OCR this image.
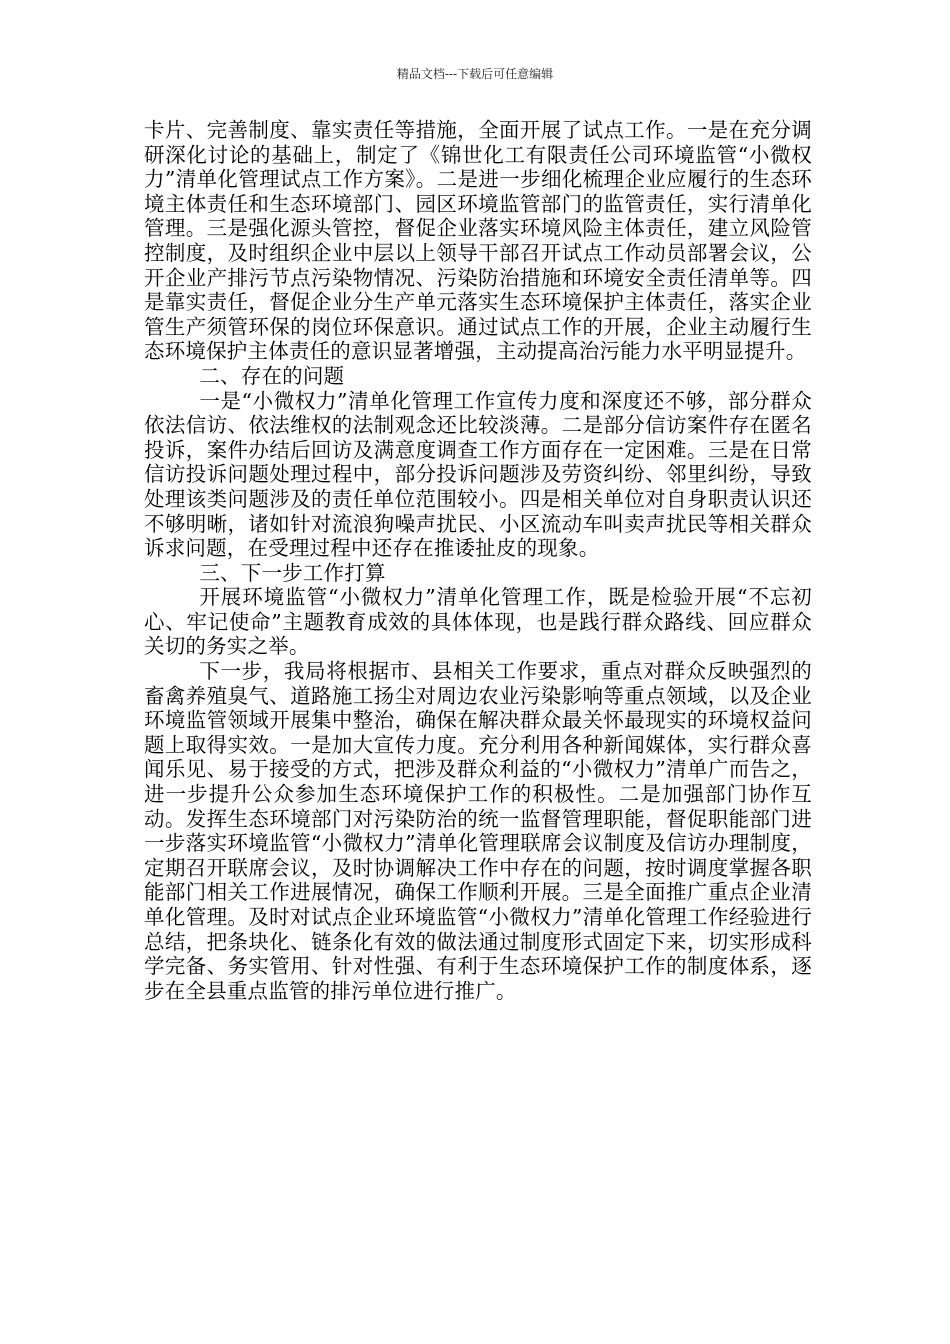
精品文档---下载后可任意编辑

卡片、完善制度、靠实责任等措施，全面开展了试点工作。一是在充分调研深化讨论的基础上，制定了《锦世化工有限责任公司环境监管“小微权力”清单化管理试点工作方案》。二是进一步细化梳理企业应履行的生态环境主体责任和生态环境部门、园区环境监管部门的监管责任，实行清单化管理。三是强化源头管控，督促企业落实环境风险主体责任，建立风险管控制度，及时组织企业中层以上领导干部召开试点工作动员部署会议，公开企业产排污节点污染物情况、污染防治措施和环境安全责任清单等。四是靠实责任，督促企业分生产单元落实生态环境保护主体责任，落实企业管生产须管环保的岗位环保意识。通过试点工作的开展，企业主动履行生态环境保护主体责任的意识显著增强，主动提高治污能力水平明显提升。

二、存在的问题

一是“小微权力”清单化管理工作宣传力度和深度还不够，部分群众依法信访、依法维权的法制观念还比较淡薄。二是部分信访案件存在匿名投诉，案件办结后回访及满意度调查工作方面存在一定困难。三是在日常信访投诉问题处理过程中，部分投诉问题涉及劳资纠纷、邻里纠纷，导致处理该类问题涉及的责任单位范围较小。四是相关单位对自身职责认识还不够明晰，诸如针对流浪狗噪声扰民、小区流动车叫卖声扰民等相关群众诉求问题，在受理过程中还存在推诿扯皮的现象。

三、下一步工作打算

开展环境监管“小微权力”清单化管理工作，既是检验开展“不忘初心、牢记使命”主题教育成效的具体体现，也是践行群众路线、回应群众关切的务实之举。

下一步，我局将根据市、县相关工作要求，重点对群众反映强烈的畜禽养殖臭气、道路施工扬尘对周边农业污染影响等重点领域，以及企业环境监管领域开展集中整治，确保在解决群众最关怀最现实的环境权益问题上取得实效。一是加大宣传力度。充分利用各种新闻媒体，实行群众喜闻乐见、易于接受的方式，把涉及群众利益的“小微权力”清单广而告之，进一步提升公众参加生态环境保护工作的积极性。二是加强部门协作互动。发挥生态环境部门对污染防治的统一监督管理职能，督促职能部门进一步落实环境监管“小微权力”清单化管理联席会议制度及信访办理制度，定期召开联席会议，及时协调解决工作中存在的问题，按时调度掌握各职能部门相关工作进展情况，确保工作顺利开展。三是全面推广重点企业清单化管理。及时对试点企业环境监管“小微权力”清单化管理工作经验进行总结，把条块化、链条化有效的做法通过制度形式固定下来，切实形成科学完备、务实管用、针对性强、有利于生态环境保护工作的制度体系，逐步在全县重点监管的排污单位进行推广。
